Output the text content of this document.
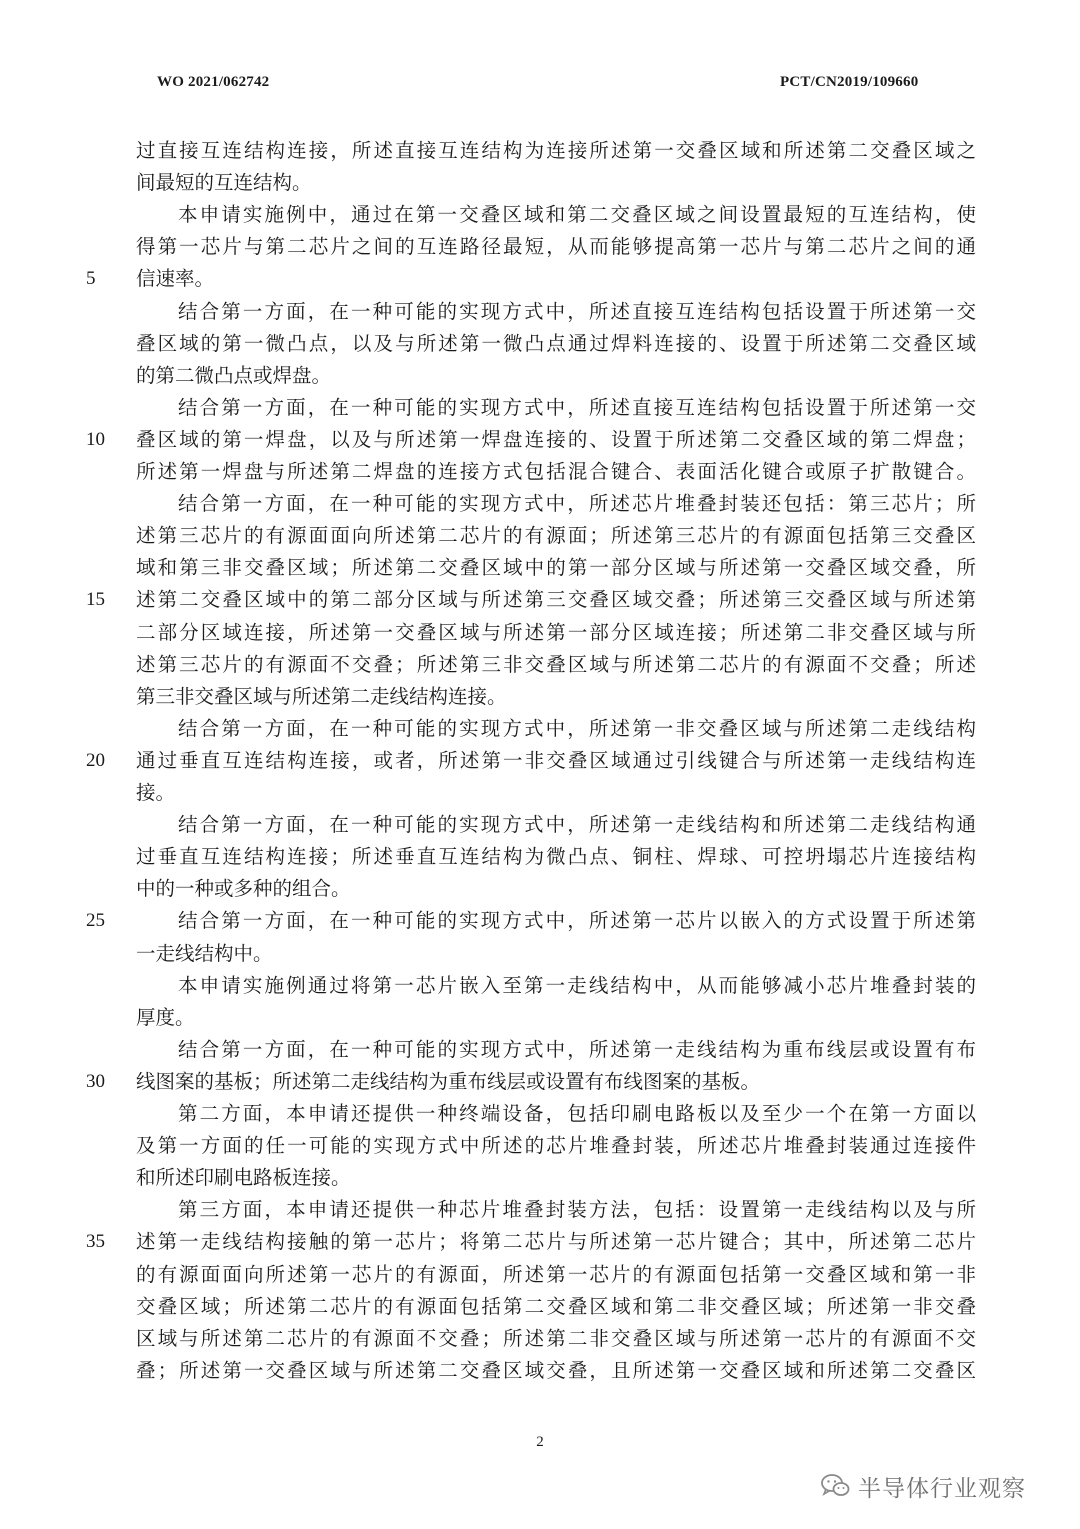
WO 2021/062742	PCT/CN2019/109660
过直接互连结构连接，所述直接互连结构为连接所述第一交叠区域和所述第二交叠区域之
间最短的互连结构。
本申请实施例中，通过在第一交叠区域和第二交叠区域之间设置最短的互连结构，使
得第一芯片与第二芯片之间的互连路径最短，从而能够提高第一芯片与第二芯片之间的通
信速率。
结合第一方面，在一种可能的实现方式中，所述直接互连结构包括设置于所述第一交
叠区域的第一微凸点，以及与所述第一微凸点通过焊料连接的、设置于所述第二交叠区域
的第二微凸点或焊盘。
结合第一方面，在一种可能的实现方式中，所述直接互连结构包括设置于所述第一交
叠区域的第一焊盘，以及与所述第一焊盘连接的、设置于所述第二交叠区域的第二焊盘；
所述第一焊盘与所述第二焊盘的连接方式包括混合键合、表面活化键合或原子扩散键合。
结合第一方面，在一种可能的实现方式中，所述芯片堆叠封装还包括：第三芯片；所
述第三芯片的有源面面向所述第二芯片的有源面；所述第三芯片的有源面包括第三交叠区
域和第三非交叠区域；所述第二交叠区域中的第一部分区域与所述第一交叠区域交叠，所
述第二交叠区域中的第二部分区域与所述第三交叠区域交叠；所述第三交叠区域与所述第
二部分区域连接，所述第一交叠区域与所述第一部分区域连接；所述第二非交叠区域与所
述第三芯片的有源面不交叠；所述第三非交叠区域与所述第二芯片的有源面不交叠；所述
第三非交叠区域与所述第二走线结构连接。
结合第一方面，在一种可能的实现方式中，所述第一非交叠区域与所述第二走线结构
通过垂直互连结构连接，或者，所述第一非交叠区域通过引线键合与所述第一走线结构连
接。
结合第一方面，在一种可能的实现方式中，所述第一走线结构和所述第二走线结构通
过垂直互连结构连接；所述垂直互连结构为微凸点、铜柱、焊球、可控坍塌芯片连接结构
中的一种或多种的组合。
结合第一方面，在一种可能的实现方式中，所述第一芯片以嵌入的方式设置于所述第
一走线结构中。
本申请实施例通过将第一芯片嵌入至第一走线结构中，从而能够减小芯片堆叠封装的
厚度。
结合第一方面，在一种可能的实现方式中，所述第一走线结构为重布线层或设置有布
线图案的基板；所述第二走线结构为重布线层或设置有布线图案的基板。
第二方面，本申请还提供一种终端设备，包括印刷电路板以及至少一个在第一方面以
及第一方面的任一可能的实现方式中所述的芯片堆叠封装，所述芯片堆叠封装通过连接件
和所述印刷电路板连接。
第三方面，本申请还提供一种芯片堆叠封装方法，包括：设置第一走线结构以及与所
述第一走线结构接触的第一芯片；将第二芯片与所述第一芯片键合；其中，所述第二芯片
的有源面面向所述第一芯片的有源面，所述第一芯片的有源面包括第一交叠区域和第一非
交叠区域；所述第二芯片的有源面包括第二交叠区域和第二非交叠区域；所述第一非交叠
区域与所述第二芯片的有源面不交叠；所述第二非交叠区域与所述第一芯片的有源面不交
叠；所述第一交叠区域与所述第二交叠区域交叠，且所述第一交叠区域和所述第二交叠区
5
10
15
20
25
30
35
2
半导体行业观察
